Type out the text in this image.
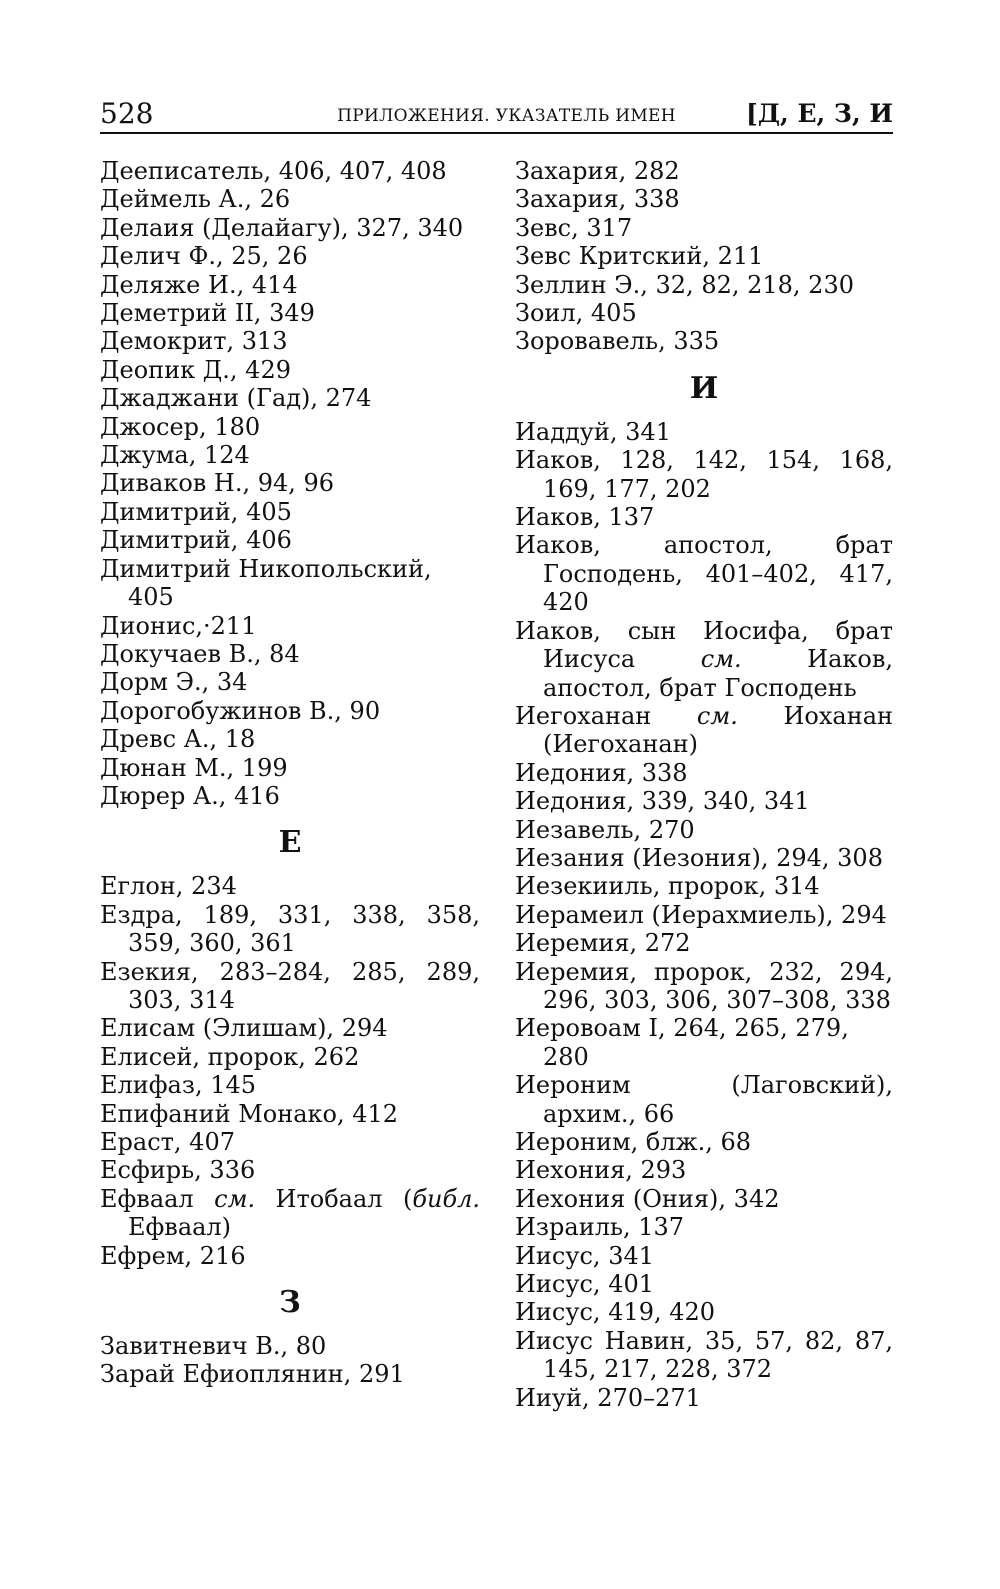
528	ПРИЛОЖЕНИЯ. УКАЗАТЕЛЬ ИМЕН	[Д, Е, З, И

Дееписатель, 406, 407, 408

Деймель А., 26

Делаия (Делайагу), 327, 340

Делич Ф., 25, 26

Деляже И., 414

Деметрий II, 349

Демокрит, 313

Деопик Д., 429

Джаджани (Гад), 274

Джосер, 180

Джума, 124

Диваков Н., 94, 96

Димитрий, 405

Димитрий, 406

Димитрий Никопольский, 405

Дионис,·211

Докучаев В., 84

Дорм Э., 34

Дорогобужинов В., 90

Древс А., 18

Дюнан М., 199

Дюрер А., 416

Е

Еглон, 234

Ездра, 189, 331, 338, 358, 359, 360, 361

Езекия, 283–284, 285, 289, 303, 314

Елисам (Элишам), 294

Елисей, пророк, 262

Елифаз, 145

Епифаний Монако, 412

Ераст, 407

Есфирь, 336

Ефваал см. Итобаал (библ. Ефваал)

Ефрем, 216

З

Завитневич В., 80

Зарай Ефиоплянин, 291

Захария, 282

Захария, 338

Зевс, 317

Зевс Критский, 211

Зеллин Э., 32, 82, 218, 230

Зоил, 405

Зоровавель, 335

И

Иаддуй, 341

Иаков, 128, 142, 154, 168, 169, 177, 202

Иаков, 137

Иаков, апостол, брат Господень, 401–402, 417, 420

Иаков, сын Иосифа, брат Иисуса см. Иаков, апостол, брат Господень

Иегоханан см. Иоханан (Иегоханан)

Иедония, 338

Иедония, 339, 340, 341

Иезавель, 270

Иезания (Иезония), 294, 308

Иезекииль, пророк, 314

Иерамеил (Иерахмиель), 294

Иеремия, 272

Иеремия, пророк, 232, 294, 296, 303, 306, 307–308, 338

Иеровоам I, 264, 265, 279, 280

Иероним (Лаговский), архим., 66

Иероним, блж., 68

Иехония, 293

Иехония (Ония), 342

Израиль, 137

Иисус, 341

Иисус, 401

Иисус, 419, 420

Иисус Навин, 35, 57, 82, 87, 145, 217, 228, 372

Ииуй, 270–271
